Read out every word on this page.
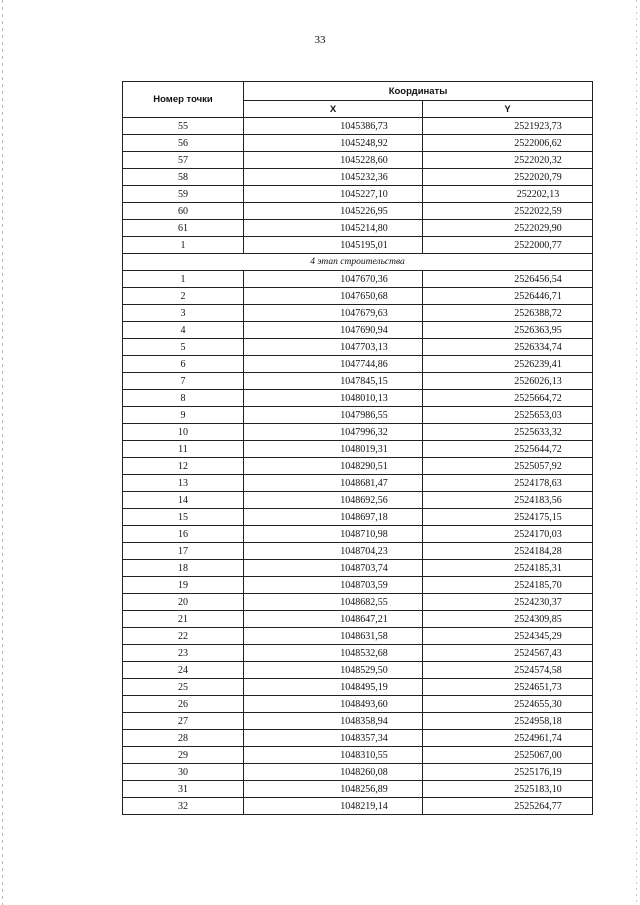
33
Номер точки	Координаты	
	X	Y
55	1045386,73	2521923,73
56	1045248,92	2522006,62
57	1045228,60	2522020,32
58	1045232,36	2522020,79
59	1045227,10	252202,13
60	1045226,95	2522022,59
61	1045214,80	2522029,90
1	1045195,01	2522000,77
4 этап строительства		
1	1047670,36	2526456,54
2	1047650,68	2526446,71
3	1047679,63	2526388,72
4	1047690,94	2526363,95
5	1047703,13	2526334,74
6	1047744,86	2526239,41
7	1047845,15	2526026,13
8	1048010,13	2525664,72
9	1047986,55	2525653,03
10	1047996,32	2525633,32
11	1048019,31	2525644,72
12	1048290,51	2525057,92
13	1048681,47	2524178,63
14	1048692,56	2524183,56
15	1048697,18	2524175,15
16	1048710,98	2524170,03
17	1048704,23	2524184,28
18	1048703,74	2524185,31
19	1048703,59	2524185,70
20	1048682,55	2524230,37
21	1048647,21	2524309,85
22	1048631,58	2524345,29
23	1048532,68	2524567,43
24	1048529,50	2524574,58
25	1048495,19	2524651,73
26	1048493,60	2524655,30
27	1048358,94	2524958,18
28	1048357,34	2524961,74
29	1048310,55	2525067,00
30	1048260,08	2525176,19
31	1048256,89	2525183,10
32	1048219,14	2525264,77
